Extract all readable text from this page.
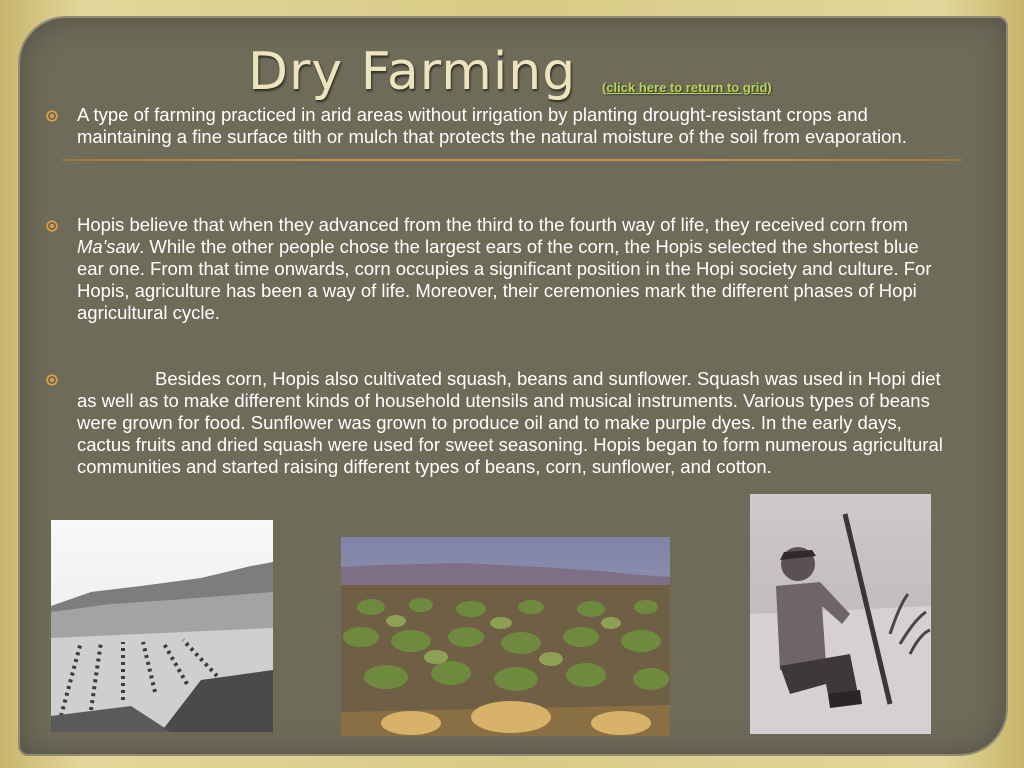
Dry Farming (click here to return to grid)
A type of farming practiced in arid areas without irrigation by planting drought-resistant crops and maintaining a fine surface tilth or mulch that protects the natural moisture of the soil from evaporation.
Hopis believe that when they advanced from the third to the fourth way of life, they received corn from Ma'saw. While the other people chose the largest ears of the corn, the Hopis selected the shortest blue ear one. From that time onwards, corn occupies a significant position in the Hopi society and culture. For Hopis, agriculture has been a way of life. Moreover, their ceremonies mark the different phases of Hopi agricultural cycle.
Besides corn, Hopis also cultivated squash, beans and sunflower. Squash was used in Hopi diet as well as to make different kinds of household utensils and musical instruments. Various types of beans were grown for food. Sunflower was grown to produce oil and to make purple dyes. In the early days, cactus fruits and dried squash were used for sweet seasoning. Hopis began to form numerous agricultural communities and started raising different types of beans, corn, sunflower, and cotton.
